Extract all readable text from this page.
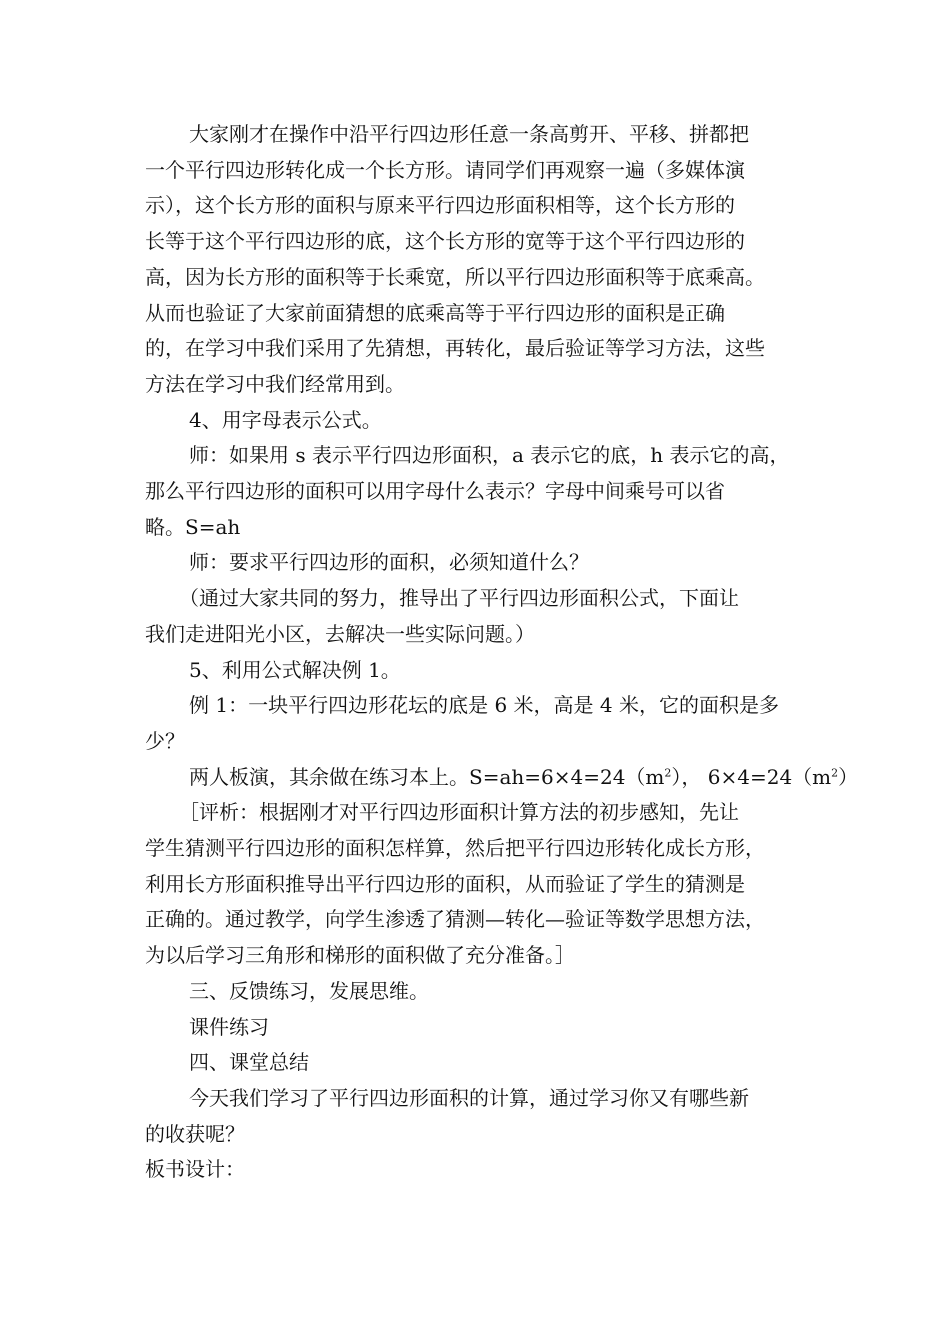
大家刚才在操作中沿平行四边形任意一条高剪开、平移、拼都把
一个平行四边形转化成一个长方形。请同学们再观察一遍（多媒体演
示），这个长方形的面积与原来平行四边形面积相等，这个长方形的
长等于这个平行四边形的底，这个长方形的宽等于这个平行四边形的
高，因为长方形的面积等于长乘宽，所以平行四边形面积等于底乘高。
从而也验证了大家前面猜想的底乘高等于平行四边形的面积是正确
的，在学习中我们采用了先猜想，再转化，最后验证等学习方法，这些
方法在学习中我们经常用到。

4、用字母表示公式。

师：如果用 s 表示平行四边形面积，a 表示它的底，h 表示它的高，
那么平行四边形的面积可以用字母什么表示？字母中间乘号可以省
略。S=ah

师：要求平行四边形的面积，必须知道什么？

（通过大家共同的努力，推导出了平行四边形面积公式，下面让
我们走进阳光小区，去解决一些实际问题。）

5、利用公式解决例 1。

例 1：一块平行四边形花坛的底是 6 米，高是 4 米，它的面积是多
少？

两人板演，其余做在练习本上。$S=ah=6\times 4=24(m^2)$， $6\times 4=24(m^2)$

［评析：根据刚才对平行四边形面积计算方法的初步感知，先让
学生猜测平行四边形的面积怎样算，然后把平行四边形转化成长方形，
利用长方形面积推导出平行四边形的面积，从而验证了学生的猜测是
正确的。通过教学，向学生渗透了猜测—转化—验证等数学思想方法，
为以后学习三角形和梯形的面积做了充分准备。］

三、反馈练习，发展思维。

课件练习

四、课堂总结

今天我们学习了平行四边形面积的计算，通过学习你又有哪些新
的收获呢？

板书设计：
